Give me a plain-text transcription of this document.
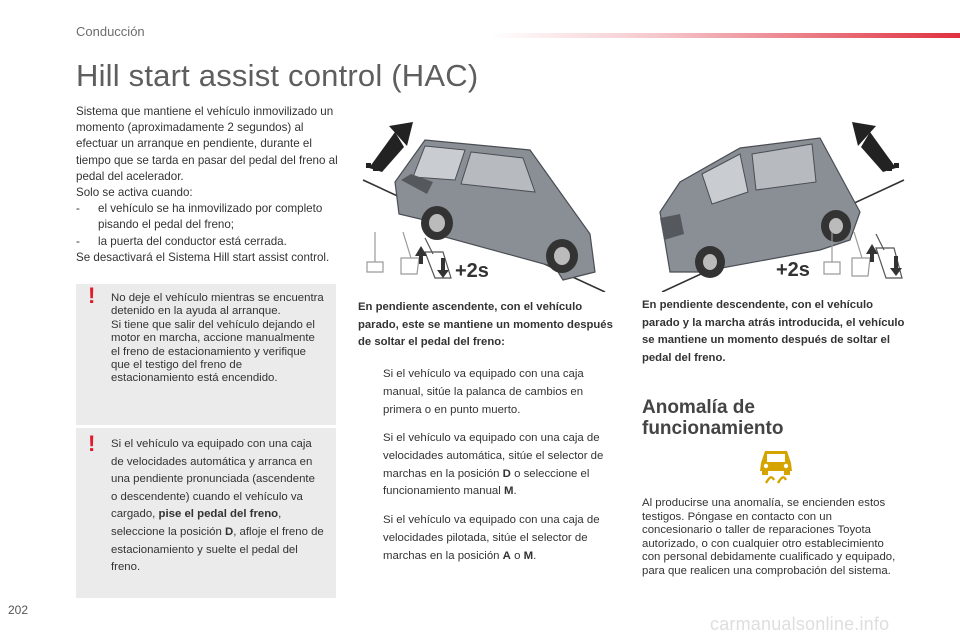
Conducción
Hill start assist control (HAC)
Sistema que mantiene el vehículo inmovilizado un momento (aproximadamente 2 segundos) al efectuar un arranque en pendiente, durante el tiempo que se tarda en pasar del pedal del freno al pedal del acelerador.
Solo se activa cuando:
- el vehículo se ha inmovilizado por completo pisando el pedal del freno;
- la puerta del conductor está cerrada.
Se desactivará el Sistema Hill start assist control.
! No deje el vehículo mientras se encuentra detenido en la ayuda al arranque.
Si tiene que salir del vehículo dejando el motor en marcha, accione manualmente el freno de estacionamiento y verifique que el testigo del freno de estacionamiento está encendido.
! Si el vehículo va equipado con una caja de velocidades automática y arranca en una pendiente pronunciada (ascendente o descendente) cuando el vehículo va cargado, pise el pedal del freno, seleccione la posición D, afloje el freno de estacionamiento y suelte el pedal del freno.
+2s	+2s
En pendiente ascendente, con el vehículo parado, este se mantiene un momento después de soltar el pedal del freno:
En pendiente descendente, con el vehículo parado y la marcha atrás introducida, el vehículo se mantiene un momento después de soltar el pedal del freno.
Si el vehículo va equipado con una caja manual, sitúe la palanca de cambios en primera o en punto muerto.
Si el vehículo va equipado con una caja de velocidades automática, sitúe el selector de marchas en la posición D o seleccione el funcionamiento manual M.
Si el vehículo va equipado con una caja de velocidades pilotada, sitúe el selector de marchas en la posición A o M.
Anomalía de funcionamiento
Al producirse una anomalía, se encienden estos testigos. Póngase en contacto con un concesionario o taller de reparaciones Toyota autorizado, o con cualquier otro establecimiento con personal debidamente cualificado y equipado, para que realicen una comprobación del sistema.
202
carmanualsonline.info
